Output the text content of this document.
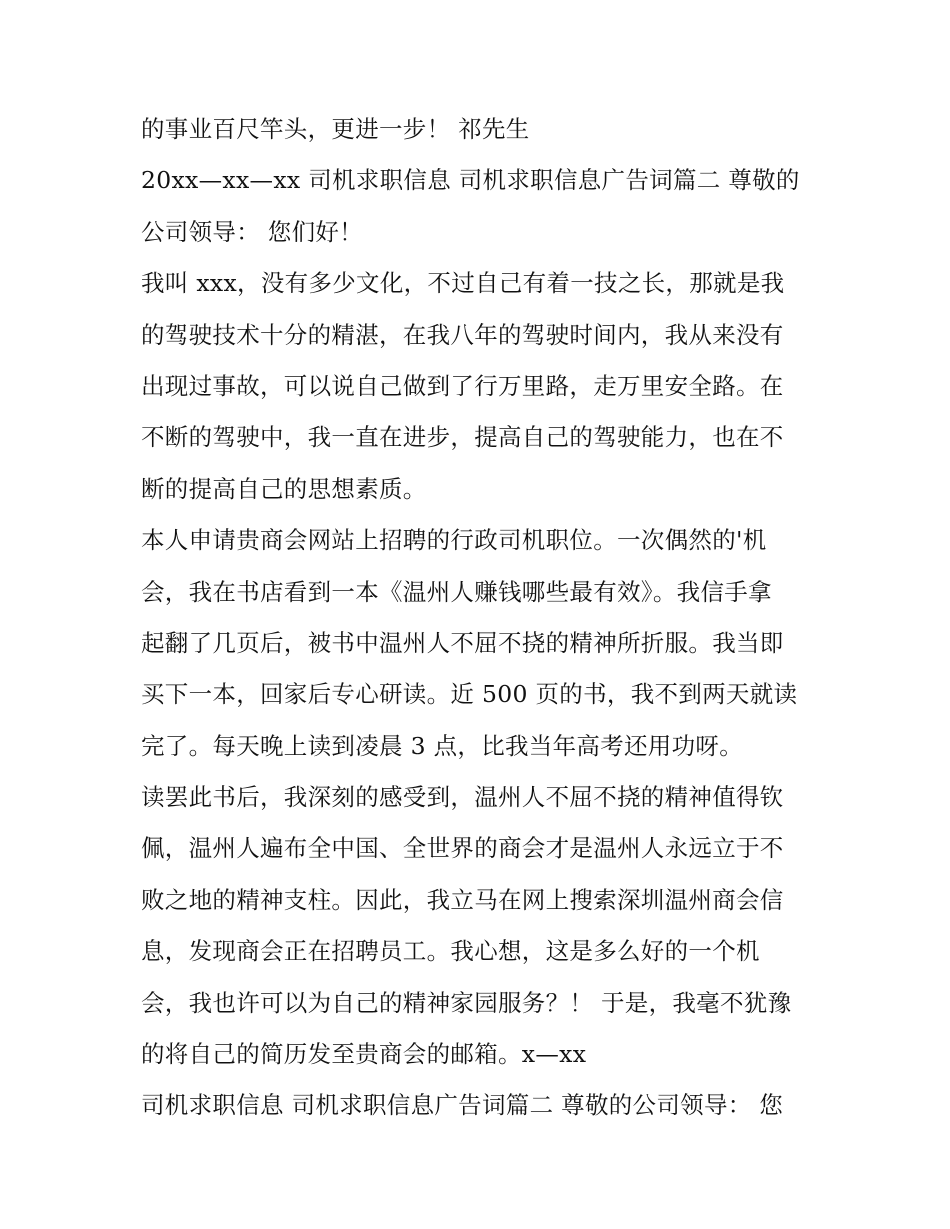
的事业百尺竿头，更进一步！ 祁先生
20xx—xx—xx 司机求职信息 司机求职信息广告词篇二 尊敬的
公司领导： 您们好！
我叫 xxx，没有多少文化，不过自己有着一技之长，那就是我
的驾驶技术十分的精湛，在我八年的驾驶时间内，我从来没有
出现过事故，可以说自己做到了行万里路，走万里安全路。在
不断的驾驶中，我一直在进步，提高自己的驾驶能力，也在不
断的提高自己的思想素质。
本人申请贵商会网站上招聘的行政司机职位。一次偶然的'机
会，我在书店看到一本《温州人赚钱哪些最有效》。我信手拿
起翻了几页后，被书中温州人不屈不挠的精神所折服。我当即
买下一本，回家后专心研读。近 500 页的书，我不到两天就读
完了。每天晚上读到凌晨 3 点，比我当年高考还用功呀。
读罢此书后，我深刻的感受到，温州人不屈不挠的精神值得钦
佩，温州人遍布全中国、全世界的商会才是温州人永远立于不
败之地的精神支柱。因此，我立马在网上搜索深圳温州商会信
息，发现商会正在招聘员工。我心想，这是多么好的一个机
会，我也许可以为自己的精神家园服务？！ 于是，我毫不犹豫
的将自己的简历发至贵商会的邮箱。x—xx
司机求职信息 司机求职信息广告词篇二 尊敬的公司领导： 您
